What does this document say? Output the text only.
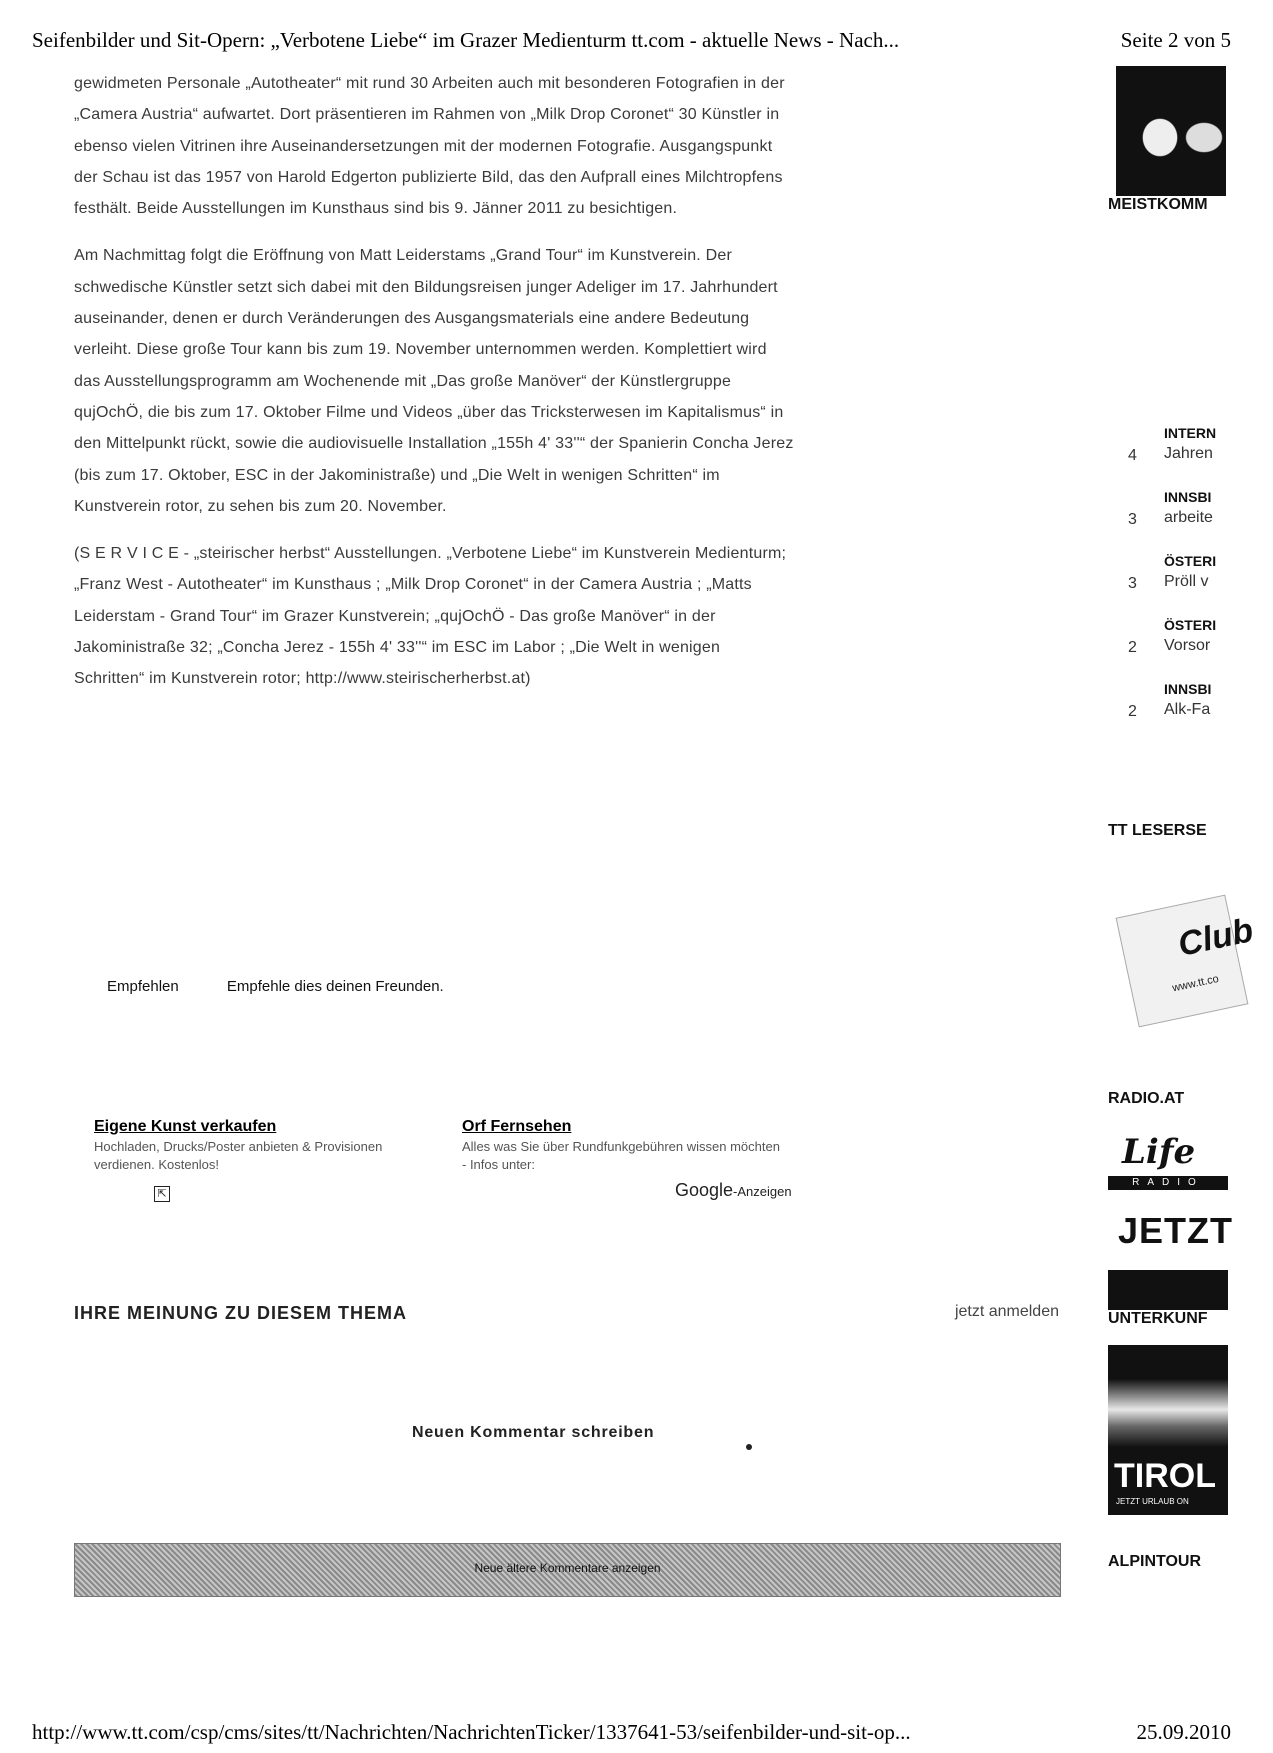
Seifenbilder und Sit-Opern: „Verbotene Liebe“ im Grazer Medienturm tt.com - aktuelle News - Nach...	Seite 2 von 5

gewidmeten Personale „Autotheater“ mit rund 30 Arbeiten auch mit besonderen Fotografien in der „Camera Austria“ aufwartet. Dort präsentieren im Rahmen von „Milk Drop Coronet“ 30 Künstler in ebenso vielen Vitrinen ihre Auseinandersetzungen mit der modernen Fotografie. Ausgangspunkt der Schau ist das 1957 von Harold Edgerton publizierte Bild, das den Aufprall eines Milchtropfens festhält. Beide Ausstellungen im Kunsthaus sind bis 9. Jänner 2011 zu besichtigen.

Am Nachmittag folgt die Eröffnung von Matt Leiderstams „Grand Tour“ im Kunstverein. Der schwedische Künstler setzt sich dabei mit den Bildungsreisen junger Adeliger im 17. Jahrhundert auseinander, denen er durch Veränderungen des Ausgangsmaterials eine andere Bedeutung verleiht. Diese große Tour kann bis zum 19. November unternommen werden. Komplettiert wird das Ausstellungsprogramm am Wochenende mit „Das große Manöver“ der Künstlergruppe qujOchÖ, die bis zum 17. Oktober Filme und Videos „über das Tricksterwesen im Kapitalismus“ in den Mittelpunkt rückt, sowie die audiovisuelle Installation „155h 4' 33''“ der Spanierin Concha Jerez (bis zum 17. Oktober, ESC in der Jakoministraße) und „Die Welt in wenigen Schritten“ im Kunstverein rotor, zu sehen bis zum 20. November.

(S E R V I C E - „steirischer herbst“ Ausstellungen. „Verbotene Liebe“ im Kunstverein Medienturm; „Franz West - Autotheater“ im Kunsthaus ; „Milk Drop Coronet“ in der Camera Austria ; „Matts Leiderstam - Grand Tour“ im Grazer Kunstverein; „qujOchÖ - Das große Manöver“ in der Jakoministraße 32; „Concha Jerez - 155h 4' 33''“ im ESC im Labor ; „Die Welt in wenigen Schritten“ im Kunstverein rotor; http://www.steirischerherbst.at)

Empfehlen	Empfehle dies deinen Freunden.
Eigene Kunst verkaufen
Hochladen, Drucks/Poster anbieten & Provisionen verdienen. Kostenlos!
⇱
Orf Fernsehen
Alles was Sie über Rundfunkgebühren wissen möchten - Infos unter:
Google-Anzeigen
IHRE MEINUNG ZU DIESEM THEMA	jetzt anmelden
Neuen Kommentar schreiben
Neue ältere Kommentare anzeigen
MEISTKOMM
4
INTERN
Jahren
3
INNSBI
arbeite
3
ÖSTERI
Pröll v
2
ÖSTERI
Vorsor
2
INNSBI
Alk-Fa
TT LESERSE
Club
www.tt.co
RADIO.AT
Life
RADIO
JETZT
UNTERKUNF
TIROL
JETZT URLAUB ON
ALPINTOUR
http://www.tt.com/csp/cms/sites/tt/Nachrichten/NachrichtenTicker/1337641-53/seifenbilder-und-sit-op...	25.09.2010
